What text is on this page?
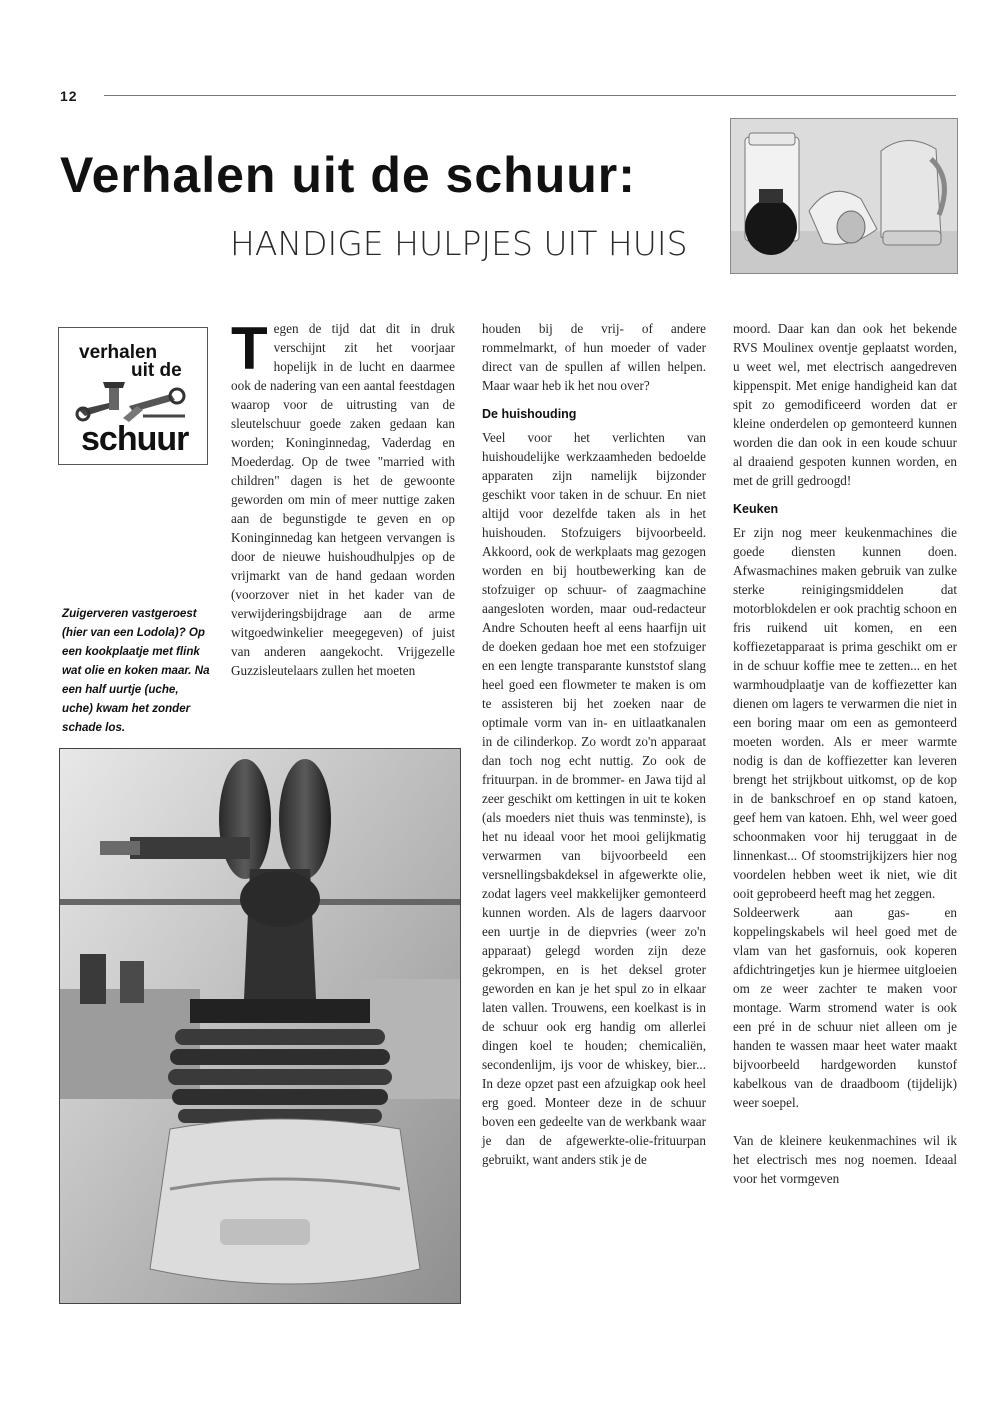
12
Verhalen uit de schuur:
HANDIGE HULPJES UIT HUIS
verhalen
uit de
schuur

Zuigerveren vastgeroest (hier van een Lodola)? Op een kookplaatje met flink wat olie en koken maar. Na een half uurtje (uche, uche) kwam het zonder schade los.

T egen de tijd dat dit in druk verschijnt zit het voorjaar hopelijk in de lucht en daarmee ook de nadering van een aantal feestdagen waarop voor de uitrusting van de sleutelschuur goede zaken gedaan kan worden; Koninginnedag, Vaderdag en Moederdag. Op de twee "married with children" dagen is het de gewoonte geworden om min of meer nuttige zaken aan de begunstigde te geven en op Koninginnedag kan hetgeen vervangen is door de nieuwe huishoudhulpjes op de vrijmarkt van de hand gedaan worden (voorzover niet in het kader van de verwijderingsbijdrage aan de arme witgoedwinkelier meegegeven) of juist van anderen aangekocht. Vrijgezelle Guzzisleutelaars zullen het moeten

houden bij de vrij- of andere rommelmarkt, of hun moeder of vader direct van de spullen af willen helpen. Maar waar heb ik het nou over?

De huishouding

Veel voor het verlichten van huishoudelijke werkzaamheden bedoelde apparaten zijn namelijk bijzonder geschikt voor taken in de schuur. En niet altijd voor dezelfde taken als in het huishouden. Stofzuigers bijvoorbeeld. Akkoord, ook de werkplaats mag gezogen worden en bij houtbewerking kan de stofzuiger op schuur- of zaagmachine aangesloten worden, maar oud-redacteur Andre Schouten heeft al eens haarfijn uit de doeken gedaan hoe met een stofzuiger en een lengte transparante kunststof slang heel goed een flowmeter te maken is om te assisteren bij het zoeken naar de optimale vorm van in- en uitlaatkanalen in de cilinderkop. Zo wordt zo'n apparaat dan toch nog echt nuttig. Zo ook de frituurpan. in de brommer- en Jawa tijd al zeer geschikt om kettingen in uit te koken (als moeders niet thuis was tenminste), is het nu ideaal voor het mooi gelijkmatig verwarmen van bijvoorbeeld een versnellingsbakdeksel in afgewerkte olie, zodat lagers veel makkelijker gemonteerd kunnen worden. Als de lagers daarvoor een uurtje in de diepvries (weer zo'n apparaat) gelegd worden zijn deze gekrompen, en is het deksel groter geworden en kan je het spul zo in elkaar laten vallen. Trouwens, een koelkast is in de schuur ook erg handig om allerlei dingen koel te houden; chemicaliën, secondenlijm, ijs voor de whiskey, bier... In deze opzet past een afzuigkap ook heel erg goed. Monteer deze in de schuur boven een gedeelte van de werkbank waar je dan de afgewerkte-olie-frituurpan gebruikt, want anders stik je de

moord. Daar kan dan ook het bekende RVS Moulinex oventje geplaatst worden, u weet wel, met electrisch aangedreven kippenspit. Met enige handigheid kan dat spit zo gemodificeerd worden dat er kleine onderdelen op gemonteerd kunnen worden die dan ook in een koude schuur al draaiend gespoten kunnen worden, en met de grill gedroogd!

Keuken

Er zijn nog meer keukenmachines die goede diensten kunnen doen. Afwasmachines maken gebruik van zulke sterke reinigingsmiddelen dat motorblokdelen er ook prachtig schoon en fris ruikend uit komen, en een koffiezetapparaat is prima geschikt om er in de schuur koffie mee te zetten... en het warmhoudplaatje van de koffiezetter kan dienen om lagers te verwarmen die niet in een boring maar om een as gemonteerd moeten worden. Als er meer warmte nodig is dan de koffiezetter kan leveren brengt het strijkbout uitkomst, op de kop in de bankschroef en op stand katoen, geef hem van katoen. Ehh, wel weer goed schoonmaken voor hij teruggaat in de linnenkast... Of stoomstrijkijzers hier nog voordelen hebben weet ik niet, wie dit ooit geprobeerd heeft mag het zeggen.

Soldeerwerk aan gas- en koppelingskabels wil heel goed met de vlam van het gasfornuis, ook koperen afdichtringetjes kun je hiermee uitgloeien om ze weer zachter te maken voor montage. Warm stromend water is ook een pré in de schuur niet alleen om je handen te wassen maar heet water maakt bijvoorbeeld hardgeworden kunstof kabelkous van de draadboom (tijdelijk) weer soepel.

Van de kleinere keukenmachines wil ik het electrisch mes nog noemen. Ideaal voor het vormgeven
